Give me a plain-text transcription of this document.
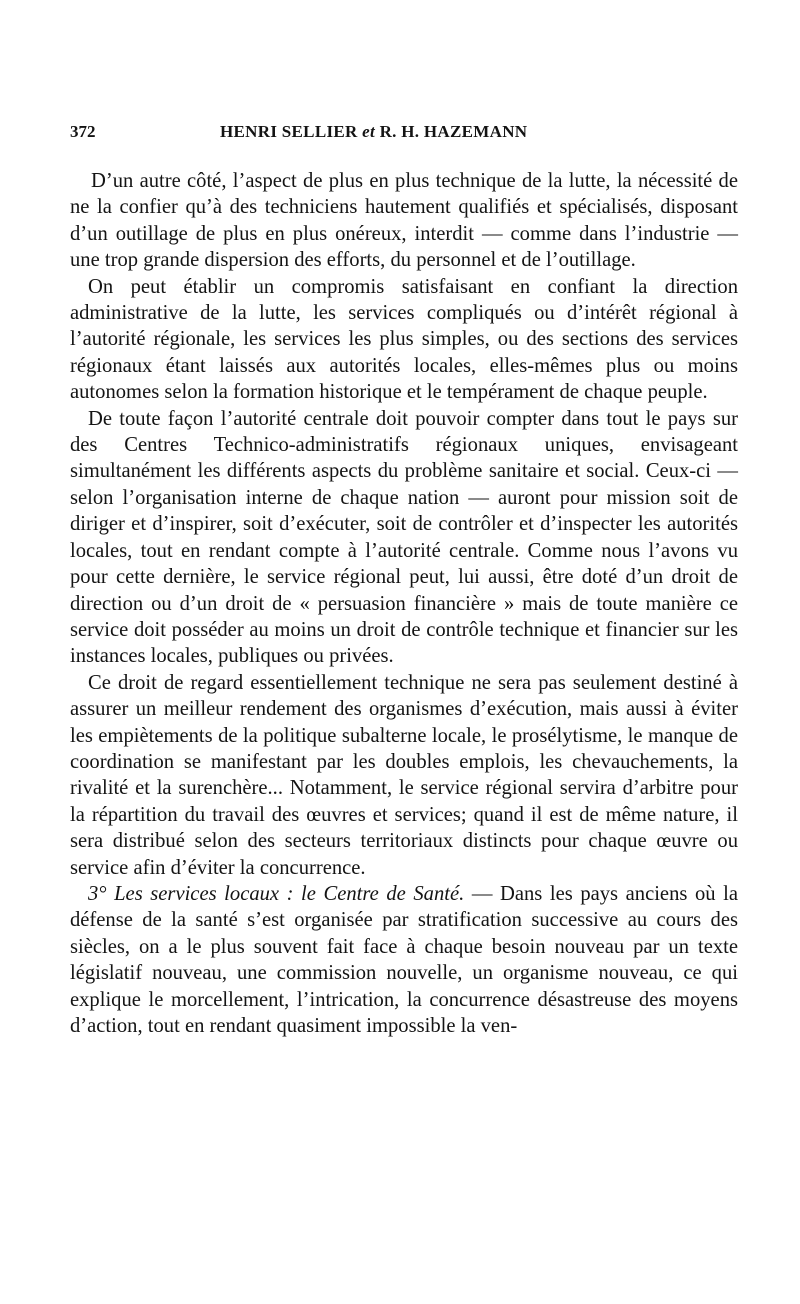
372	HENRI SELLIER et R. H. HAZEMANN

D’un autre côté, l’aspect de plus en plus technique de la lutte, la nécessité de ne la confier qu’à des techniciens hautement qualifiés et spécialisés, disposant d’un outillage de plus en plus onéreux, interdit — comme dans l’industrie — une trop grande dispersion des efforts, du personnel et de l’outillage.

On peut établir un compromis satisfaisant en confiant la direction administrative de la lutte, les services compliqués ou d’intérêt régional à l’autorité régionale, les services les plus simples, ou des sections des services régionaux étant laissés aux autorités locales, elles-mêmes plus ou moins autonomes selon la formation historique et le tempérament de chaque peuple.

De toute façon l’autorité centrale doit pouvoir compter dans tout le pays sur des Centres Technico-administratifs régionaux uniques, envisageant simultanément les différents aspects du problème sanitaire et social. Ceux-ci — selon l’organisation interne de chaque nation — auront pour mission soit de diriger et d’inspirer, soit d’exécuter, soit de contrôler et d’inspecter les autorités locales, tout en rendant compte à l’autorité centrale. Comme nous l’avons vu pour cette dernière, le service régional peut, lui aussi, être doté d’un droit de direction ou d’un droit de « persuasion financière » mais de toute manière ce service doit posséder au moins un droit de contrôle technique et financier sur les instances locales, publiques ou privées.

Ce droit de regard essentiellement technique ne sera pas seulement destiné à assurer un meilleur rendement des organismes d’exécution, mais aussi à éviter les empiètements de la politique subalterne locale, le prosélytisme, le manque de coordination se manifestant par les doubles emplois, les chevauchements, la rivalité et la surenchère... Notamment, le service régional servira d’arbitre pour la répartition du travail des œuvres et services; quand il est de même nature, il sera distribué selon des secteurs territoriaux distincts pour chaque œuvre ou service afin d’éviter la concurrence.

3° Les services locaux : le Centre de Santé. — Dans les pays anciens où la défense de la santé s’est organisée par stratification successive au cours des siècles, on a le plus souvent fait face à chaque besoin nouveau par un texte législatif nouveau, une commission nouvelle, un organisme nouveau, ce qui explique le morcellement, l’intrication, la concurrence désastreuse des moyens d’action, tout en rendant quasiment impossible la ven-
